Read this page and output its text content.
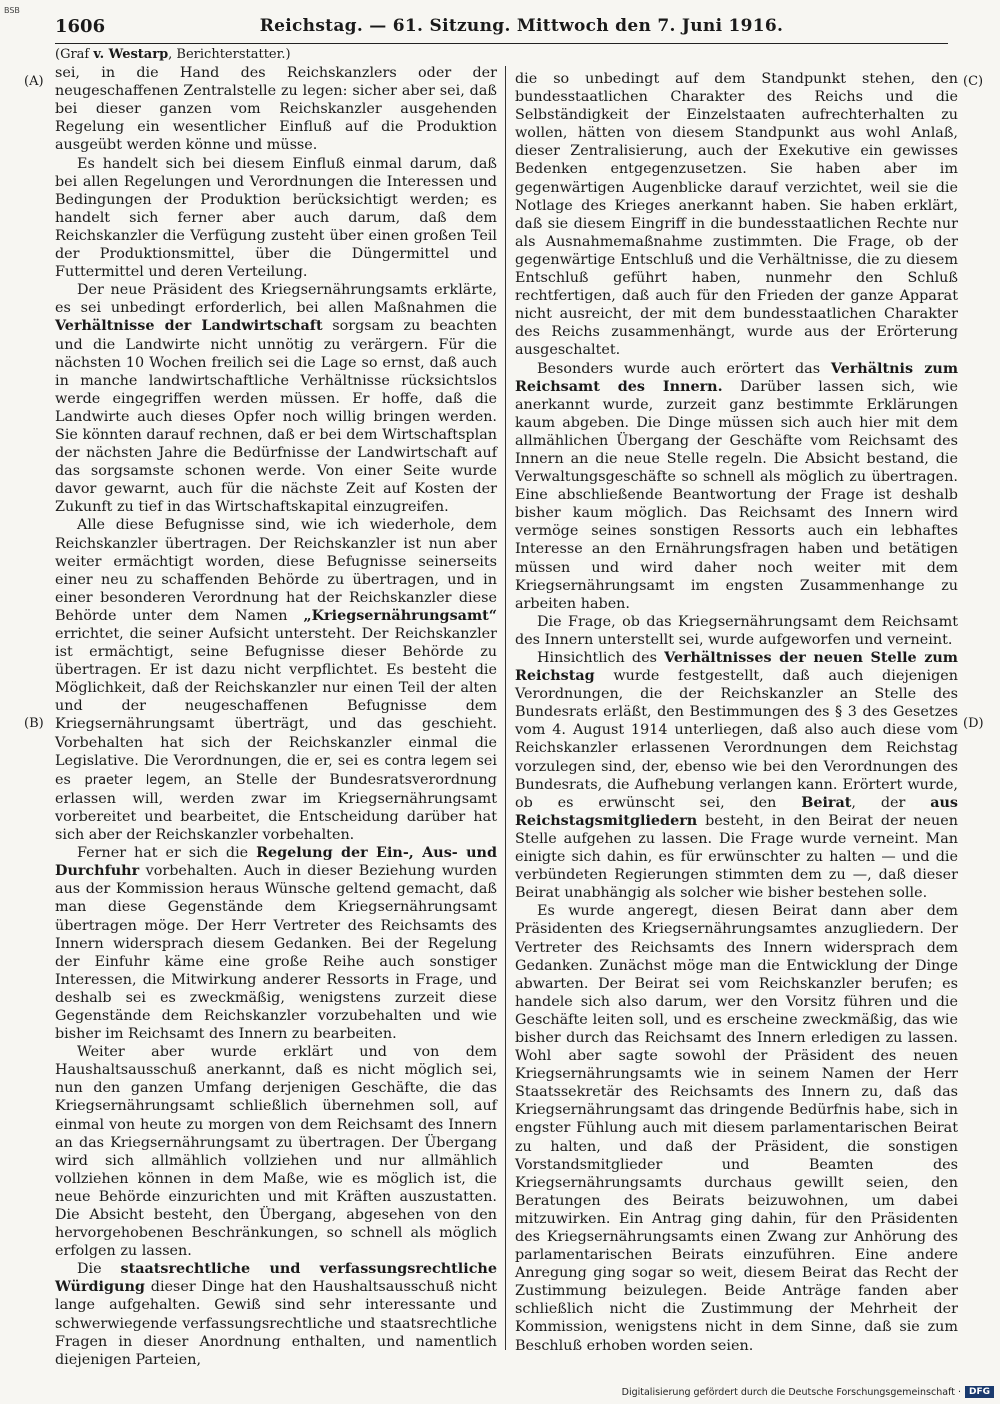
BSB
1606	Reichstag. — 61. Sitzung. Mittwoch den 7. Juni 1916.
(A)
(B)
(C)
(D)

(Graf v. Westarp, Berichterstatter.)

sei, in die Hand des Reichskanzlers oder der neugeschaffenen Zentralstelle zu legen: sicher aber sei, daß bei dieser ganzen vom Reichskanzler ausgehenden Regelung ein wesentlicher Einfluß auf die Produktion ausgeübt werden könne und müsse.

Es handelt sich bei diesem Einfluß einmal darum, daß bei allen Regelungen und Verordnungen die Interessen und Bedingungen der Produktion berücksichtigt werden; es handelt sich ferner aber auch darum, daß dem Reichskanzler die Verfügung zusteht über einen großen Teil der Produktionsmittel, über die Düngermittel und Futtermittel und deren Verteilung.

Der neue Präsident des Kriegsernährungsamts erklärte, es sei unbedingt erforderlich, bei allen Maßnahmen die Verhältnisse der Landwirtschaft sorgsam zu beachten und die Landwirte nicht unnötig zu verärgern. Für die nächsten 10 Wochen freilich sei die Lage so ernst, daß auch in manche landwirtschaftliche Verhältnisse rücksichtslos werde eingegriffen werden müssen. Er hoffe, daß die Landwirte auch dieses Opfer noch willig bringen werden. Sie könnten darauf rechnen, daß er bei dem Wirtschaftsplan der nächsten Jahre die Bedürfnisse der Landwirtschaft auf das sorgsamste schonen werde. Von einer Seite wurde davor gewarnt, auch für die nächste Zeit auf Kosten der Zukunft zu tief in das Wirtschaftskapital einzugreifen.

Alle diese Befugnisse sind, wie ich wiederhole, dem Reichskanzler übertragen. Der Reichskanzler ist nun aber weiter ermächtigt worden, diese Befugnisse seinerseits einer neu zu schaffenden Behörde zu übertragen, und in einer besonderen Verordnung hat der Reichskanzler diese Behörde unter dem Namen „Kriegsernährungsamt“ errichtet, die seiner Aufsicht untersteht. Der Reichskanzler ist ermächtigt, seine Befugnisse dieser Behörde zu übertragen. Er ist dazu nicht verpflichtet. Es besteht die Möglichkeit, daß der Reichskanzler nur einen Teil der alten und der neugeschaffenen Befugnisse dem Kriegsernährungsamt überträgt, und das geschieht. Vorbehalten hat sich der Reichskanzler einmal die Legislative. Die Verordnungen, die er, sei es contra legem sei es praeter legem, an Stelle der Bundesratsverordnung erlassen will, werden zwar im Kriegsernährungsamt vorbereitet und bearbeitet, die Entscheidung darüber hat sich aber der Reichskanzler vorbehalten.

Ferner hat er sich die Regelung der Ein-, Aus- und Durchfuhr vorbehalten. Auch in dieser Beziehung wurden aus der Kommission heraus Wünsche geltend gemacht, daß man diese Gegenstände dem Kriegsernährungsamt übertragen möge. Der Herr Vertreter des Reichsamts des Innern widersprach diesem Gedanken. Bei der Regelung der Einfuhr käme eine große Reihe auch sonstiger Interessen, die Mitwirkung anderer Ressorts in Frage, und deshalb sei es zweckmäßig, wenigstens zurzeit diese Gegenstände dem Reichskanzler vorzubehalten und wie bisher im Reichsamt des Innern zu bearbeiten.

Weiter aber wurde erklärt und von dem Haushaltsausschuß anerkannt, daß es nicht möglich sei, nun den ganzen Umfang derjenigen Geschäfte, die das Kriegsernährungsamt schließlich übernehmen soll, auf einmal von heute zu morgen von dem Reichsamt des Innern an das Kriegsernährungsamt zu übertragen. Der Übergang wird sich allmählich vollziehen und nur allmählich vollziehen können in dem Maße, wie es möglich ist, die neue Behörde einzurichten und mit Kräften auszustatten. Die Absicht besteht, den Übergang, abgesehen von den hervorgehobenen Beschränkungen, so schnell als möglich erfolgen zu lassen.

Die staatsrechtliche und verfassungsrechtliche Würdigung dieser Dinge hat den Haushaltsausschuß nicht lange aufgehalten. Gewiß sind sehr interessante und schwerwiegende verfassungsrechtliche und staatsrechtliche Fragen in dieser Anordnung enthalten, und namentlich diejenigen Parteien,

die so unbedingt auf dem Standpunkt stehen, den bundesstaatlichen Charakter des Reichs und die Selbständigkeit der Einzelstaaten aufrechterhalten zu wollen, hätten von diesem Standpunkt aus wohl Anlaß, dieser Zentralisierung, auch der Exekutive ein gewisses Bedenken entgegenzusetzen. Sie haben aber im gegenwärtigen Augenblicke darauf verzichtet, weil sie die Notlage des Krieges anerkannt haben. Sie haben erklärt, daß sie diesem Eingriff in die bundesstaatlichen Rechte nur als Ausnahmemaßnahme zustimmten. Die Frage, ob der gegenwärtige Entschluß und die Verhältnisse, die zu diesem Entschluß geführt haben, nunmehr den Schluß rechtfertigen, daß auch für den Frieden der ganze Apparat nicht ausreicht, der mit dem bundesstaatlichen Charakter des Reichs zusammenhängt, wurde aus der Erörterung ausgeschaltet.

Besonders wurde auch erörtert das Verhältnis zum Reichsamt des Innern. Darüber lassen sich, wie anerkannt wurde, zurzeit ganz bestimmte Erklärungen kaum abgeben. Die Dinge müssen sich auch hier mit dem allmählichen Übergang der Geschäfte vom Reichsamt des Innern an die neue Stelle regeln. Die Absicht bestand, die Verwaltungsgeschäfte so schnell als möglich zu übertragen. Eine abschließende Beantwortung der Frage ist deshalb bisher kaum möglich. Das Reichsamt des Innern wird vermöge seines sonstigen Ressorts auch ein lebhaftes Interesse an den Ernährungsfragen haben und betätigen müssen und wird daher noch weiter mit dem Kriegsernährungsamt im engsten Zusammenhange zu arbeiten haben.

Die Frage, ob das Kriegsernährungsamt dem Reichsamt des Innern unterstellt sei, wurde aufgeworfen und verneint.

Hinsichtlich des Verhältnisses der neuen Stelle zum Reichstag wurde festgestellt, daß auch diejenigen Verordnungen, die der Reichskanzler an Stelle des Bundesrats erläßt, den Bestimmungen des § 3 des Gesetzes vom 4. August 1914 unterliegen, daß also auch diese vom Reichskanzler erlassenen Verordnungen dem Reichstag vorzulegen sind, der, ebenso wie bei den Verordnungen des Bundesrats, die Aufhebung verlangen kann. Erörtert wurde, ob es erwünscht sei, den Beirat, der aus Reichstagsmitgliedern besteht, in den Beirat der neuen Stelle aufgehen zu lassen. Die Frage wurde verneint. Man einigte sich dahin, es für erwünschter zu halten — und die verbündeten Regierungen stimmten dem zu —, daß dieser Beirat unabhängig als solcher wie bisher bestehen solle.

Es wurde angeregt, diesen Beirat dann aber dem Präsidenten des Kriegsernährungsamtes anzugliedern. Der Vertreter des Reichsamts des Innern widersprach dem Gedanken. Zunächst möge man die Entwicklung der Dinge abwarten. Der Beirat sei vom Reichskanzler berufen; es handele sich also darum, wer den Vorsitz führen und die Geschäfte leiten soll, und es erscheine zweckmäßig, das wie bisher durch das Reichsamt des Innern erledigen zu lassen. Wohl aber sagte sowohl der Präsident des neuen Kriegsernährungsamts wie in seinem Namen der Herr Staatssekretär des Reichsamts des Innern zu, daß das Kriegsernährungsamt das dringende Bedürfnis habe, sich in engster Fühlung auch mit diesem parlamentarischen Beirat zu halten, und daß der Präsident, die sonstigen Vorstandsmitglieder und Beamten des Kriegsernährungsamts durchaus gewillt seien, den Beratungen des Beirats beizuwohnen, um dabei mitzuwirken. Ein Antrag ging dahin, für den Präsidenten des Kriegsernährungsamts einen Zwang zur Anhörung des parlamentarischen Beirats einzuführen. Eine andere Anregung ging sogar so weit, diesem Beirat das Recht der Zustimmung beizulegen. Beide Anträge fanden aber schließlich nicht die Zustimmung der Mehrheit der Kommission, wenigstens nicht in dem Sinne, daß sie zum Beschluß erhoben worden seien.

Digitalisierung gefördert durch die Deutsche Forschungsgemeinschaft · DFG
